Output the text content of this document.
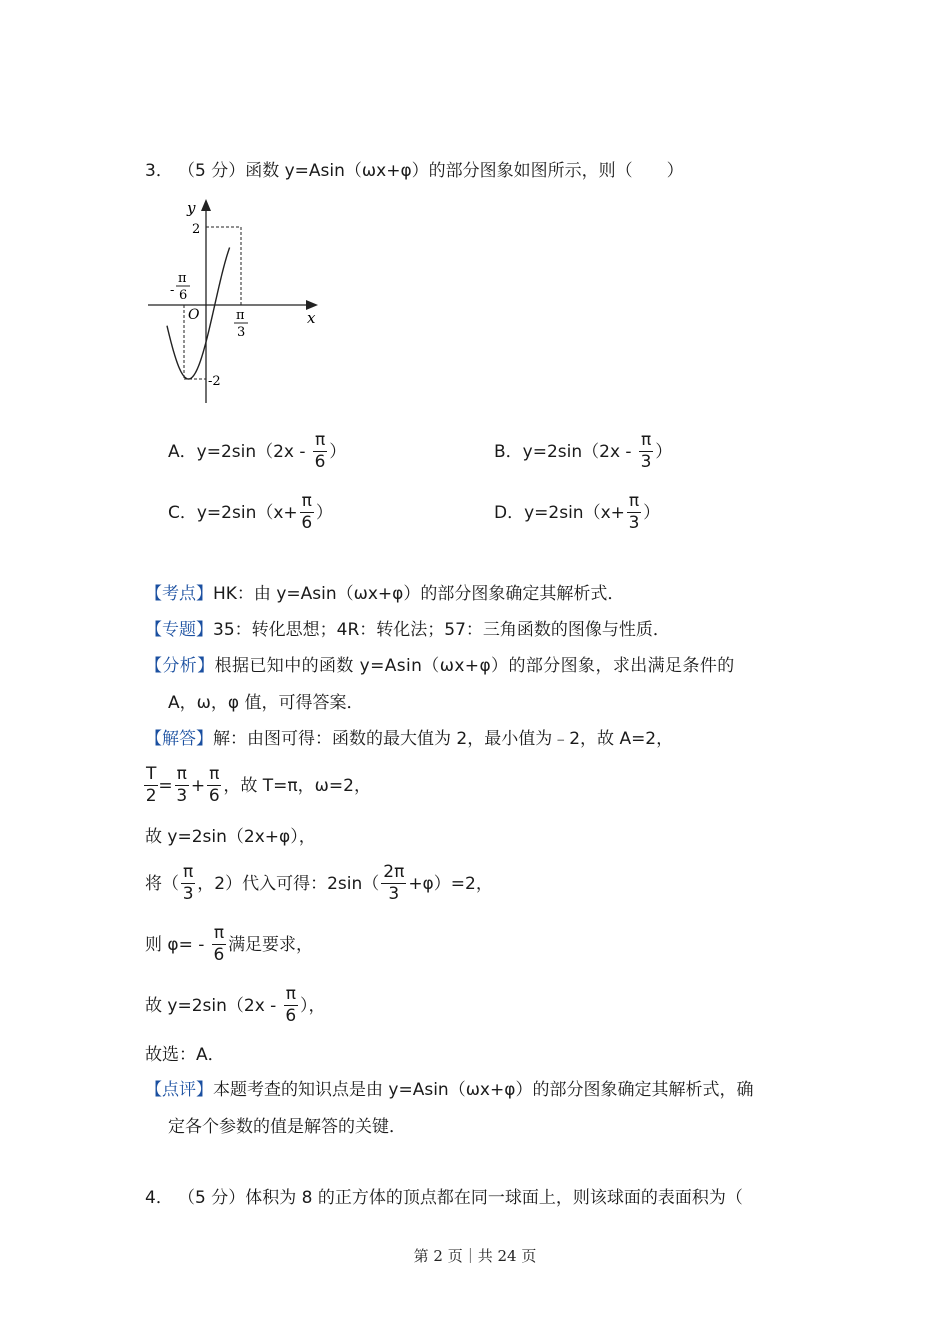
3． （5 分）函数 y=Asin（ωx+φ）的部分图象如图所示，则（　　）
y
x
O
2
-2
-
π
6
π
3
A．$y=2\sin(2x - \frac{\pi}{6}$ ）	B．$y=2\sin(2x - \frac{\pi}{3}$ ）
C．$y=2\sin(x+ \frac{\pi}{6}$ ）	D．$y=2\sin(x+ \frac{\pi}{3}$ ）
【考点】HK：由 y=Asin（ωx+φ）的部分图象确定其解析式．
【专题】35：转化思想；4R：转化法；57：三角函数的图像与性质．
【分析】根据已知中的函数 y=Asin（ωx+φ）的部分图象，求出满足条件的
A，ω，φ 值，可得答案．
【解答】解：由图可得：函数的最大值为 2，最小值为﹣2，故 A=2，
$\frac{T}{2} = \frac{\pi}{3} + \frac{\pi}{6}$ ，故 T=π，ω=2，
故 y=2sin（2x+φ），
将（ $\frac{\pi}{3}$ ，2）代入可得：$2\sin( \frac{2\pi}{3} +\varphi)=2$，
则 $\varphi= - \frac{\pi}{6}$ 满足要求，
故 $y=2\sin(2x - \frac{\pi}{6}$ ），
故选：A．
【点评】本题考查的知识点是由 y=Asin（ωx+φ）的部分图象确定其解析式，确
定各个参数的值是解答的关键．
4． （5 分）体积为 8 的正方体的顶点都在同一球面上，则该球面的表面积为（
第 2 页｜共 24 页
